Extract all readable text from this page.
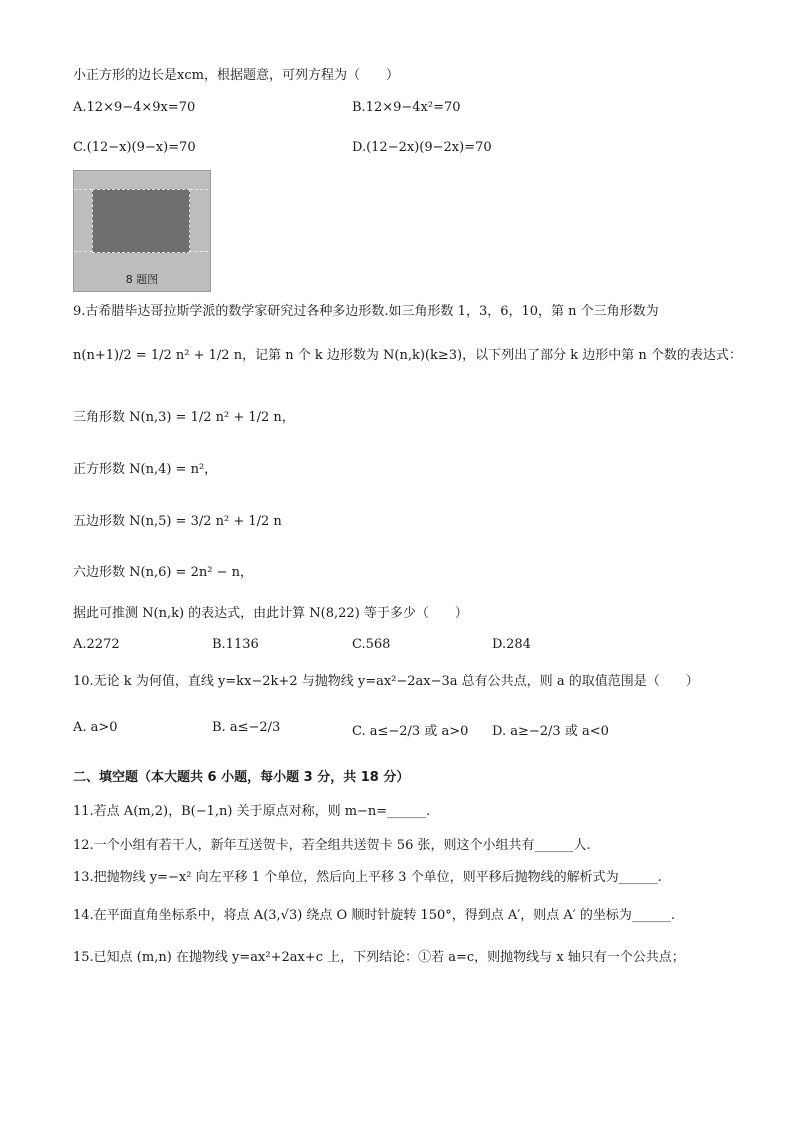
小正方形的边长是xcm，根据题意，可列方程为（　　）
A.12×9−4×9x=70	B.12×9−4x²=70
C.(12−x)(9−x)=70	D.(12−2x)(9−2x)=70
8 题图
9.古希腊毕达哥拉斯学派的数学家研究过各种多边形数.如三角形数 1，3，6，10，第 n 个三角形数为
n(n+1)/2 = 1/2 n² + 1/2 n，记第 n 个 k 边形数为 N(n,k)(k≥3)，以下列出了部分 k 边形中第 n 个数的表达式：
三角形数 N(n,3) = 1/2 n² + 1/2 n，
正方形数 N(n,4) = n²，
五边形数 N(n,5) = 3/2 n² + 1/2 n
六边形数 N(n,6) = 2n² − n，
据此可推测 N(n,k) 的表达式，由此计算 N(8,22) 等于多少（　　）
A.2272	B.1136	C.568	D.284
10.无论 k 为何值，直线 y=kx−2k+2 与抛物线 y=ax²−2ax−3a 总有公共点，则 a 的取值范围是（　　）
A. a>0	B. a≤−2/3	C. a≤−2/3 或 a>0 D. a≥−2/3 或 a<0
二、填空题（本大题共 6 小题，每小题 3 分，共 18 分）
11.若点 A(m,2)，B(−1,n) 关于原点对称，则 m−n=______.
12.一个小组有若干人，新年互送贺卡，若全组共送贺卡 56 张，则这个小组共有______人.
13.把抛物线 y=−x² 向左平移 1 个单位，然后向上平移 3 个单位，则平移后抛物线的解析式为______.
14.在平面直角坐标系中，将点 A(3,√3) 绕点 O 顺时针旋转 150°，得到点 A′，则点 A′ 的坐标为______.
15.已知点 (m,n) 在抛物线 y=ax²+2ax+c 上，下列结论：①若 a=c，则抛物线与 x 轴只有一个公共点；
